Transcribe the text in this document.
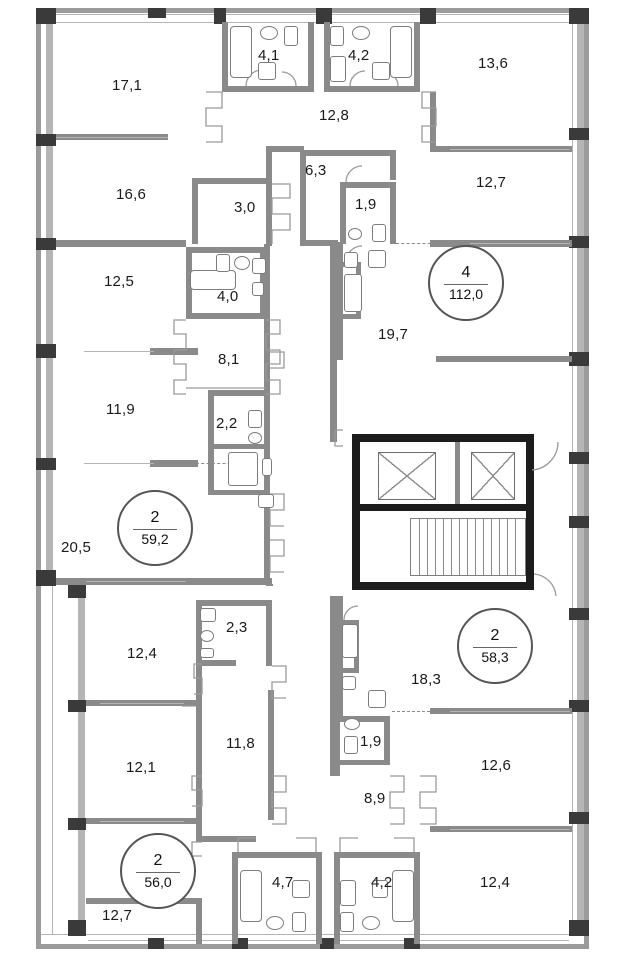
17,1
4,1	4,2	13,6
12,8
16,6
6,3
12,7
3,0	1,9
12,5
4,0
19,7
8,1
11,9
2,2
20,5
2,3
12,4
18,3
11,8	1,9
12,1	12,6
8,9
4,7	4,2	12,4
12,7
4
112,0
2
59,2
2
58,3
2
56,0
